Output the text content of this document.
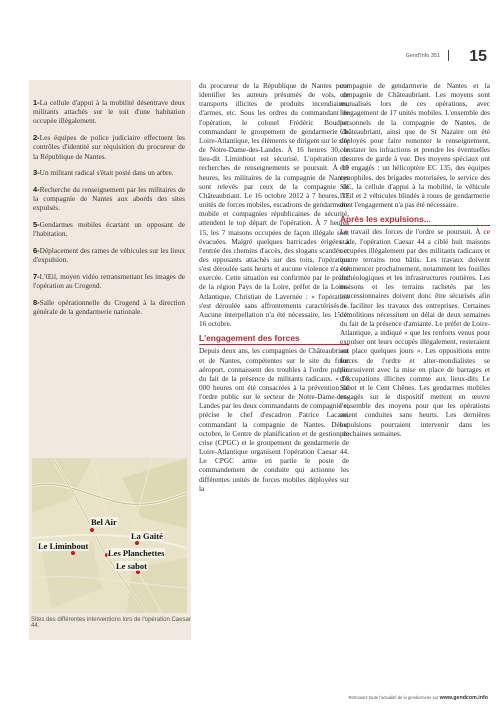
Gend'Info 351 15
1-La cellule d'appui à la mobilité désentrave deux militants attachés sur le toit d'une habitation occupée illégalement.
2-Les équipes de police judiciaire effectuent les contrôles d'identité sur réquisition du procureur de la République de Nantes.
3-Un militant radical s'était posté dans un arbre.
4-Recherche du renseignement par les militaires de la compagnie de Nantes aux abords des sites expulsés.
5-Gendarmes mobiles écartant un opposant de l'habitation.
6-Déplacement des rames de véhicules sur les lieux d'expulsion.
7-L'Œil, moyen vidéo retransmettant les images de l'opération au Crogend.
8-Salle opérationnelle du Crogend à la direction générale de la gendarmerie nationale.
Bel Air
La Gaité
Le Liminbout
Les Planchettes
Le sabot
Sites des différentes interventions lors de l'opération Caesar 44.

du procureur de la République de Nantes pour identifier les auteurs présumés de vols, de transports illicites de produits incendiaires, d'armes, etc. Sous les ordres du commandant de l'opération, le colonel Frédéric Boudier, commandant le groupement de gendarmerie de Loire-Atlantique, les éléments se dirigent sur le site de Notre-Dame-des-Landes. À 16 heures 30, le lieu-dit Liminbout est sécurisé. L'opération de recherches de renseignements se poursuit. À 19 heures, les militaires de la compagnie de Nantes sont relevés par ceux de la compagnie de Châteaubriant. Le 16 octobre 2012 à 7 heures, 17 unités de forces mobiles, escadrons de gendarmerie mobile et compagnies républicaines de sécurité, attendent le top départ de l'opération. À 7 heures 15, les 7 maisons occupées de façon illégale sont évacuées. Malgré quelques barricades érigées à l'entrée des chemins d'accès, des slogans scandés et des opposants attachés sur des toits, l'opération s'est déroulée sans heurts et aucune violence n'a été exercée. Cette situation est confirmée par le préfet de la région Pays de la Loire, préfet de la Loire-Atlantique, Christian de Lavernée : « l'opération s'est déroulée sans affrontements caractérisés ». Aucune interpellation n'a été nécessaire, les 15 et 16 octobre.

L'engagement des forces

Depuis deux ans, les compagnies de Châteaubriant et de Nantes, compétentes sur le site du futur aéroport, connaissent des troubles à l'ordre public du fait de la présence de militants radicaux. « 18 000 heures ont été consacrées à la prévention de l'ordre public sur le secteur de Notre-Dame-des-Landes par les deux commandants de compagnie », précise le chef d'escadron Patrice Lacaze, commandant la compagnie de Nantes. Début octobre, le Centre de planification et de gestion de crise (CPGC) et le groupement de gendarmerie de Loire-Atlantique organisent l'opération Caesar 44. Le CPGC arme en partie le poste de commandement de conduite qui actionne les différentes unités de forces mobiles déployées sur la

compagnie de gendarmerie de Nantes et la compagnie de Châteaubriant. Les moyens sont mutualisés lors de ces opérations, avec l'engagement de 17 unités mobiles. L'ensemble des personnels de la compagnie de Nantes, de Châteaubriant, ainsi que de St Nazaire ont été déployés pour faire remonter le renseignement, constater les infractions et prendre les éventuelles mesures de garde à vue. Des moyens spéciaux ont été engagés : un hélicoptère EC 135, des équipes cynophiles, des brigades motorisées, le service des SIC, la cellule d'appui à la mobilité, le véhicule l'Œil et 2 véhicules blindés à roues de gendarmerie dont l'engagement n'a pas été nécessaire.

Après les expulsions...

Le travail des forces de l'ordre se poursuit. À ce stade, l'opération Caesar 44 a ciblé huit maisons occupées illégalement par des militants radicaux et quatre terrains non bâtis. Les travaux doivent commencer prochainement, notamment les fouilles archéologiques et les infrastructures routières. Les maisons et les terrains rachetés par les concessionnaires doivent donc être sécurisés afin de faciliter les travaux des entreprises. Certaines démolitions nécessitent un délai de deux semaines du fait de la présence d'amiante. Le préfet de Loire-Atlantique, a indiqué « que les renforts venus pour expulser ont leurs occupés illégalement, resteraient sur place quelques jours ». Les oppositions entre forces de l'ordre et alter-mondialistes se poursuivent avec la mise en place de barrages et d'occupations illicites comme aux lieux-dits Le Sabot et le Cent Chênes. Les gendarmes mobiles engagés sur le dispositif mettent en œuvre l'ensemble des moyens pour que les opérations soient conduites sans heurts. Les dernières expulsions pourraient intervenir dans les prochaines semaines.

Retrouvez toute l'actualité de la gendarmerie sur www.gendcom.info
